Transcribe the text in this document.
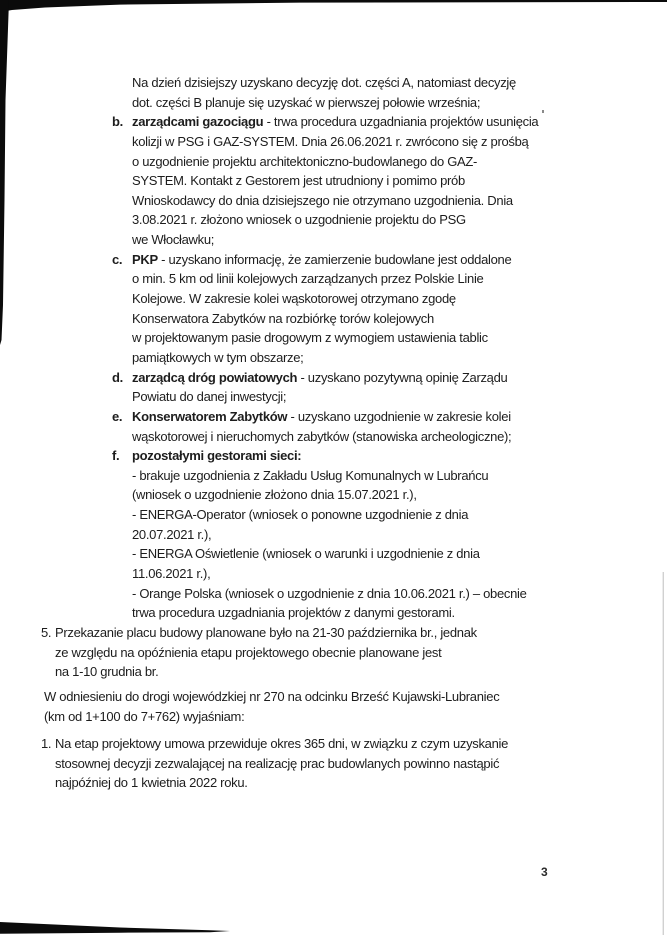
Na dzień dzisiejszy uzyskano decyzję dot. części A, natomiast decyzję
dot. części B planuje się uzyskać w pierwszej połowie września;
b. zarządcami gazociągu - trwa procedura uzgadniania projektów usunięcia
kolizji w PSG i GAZ-SYSTEM. Dnia 26.06.2021 r. zwrócono się z prośbą
o uzgodnienie projektu architektoniczno-budowlanego do GAZ-
SYSTEM. Kontakt z Gestorem jest utrudniony i pomimo prób
Wnioskodawcy do dnia dzisiejszego nie otrzymano uzgodnienia. Dnia
3.08.2021 r. złożono wniosek o uzgodnienie projektu do PSG
we Włocławku;
c. PKP - uzyskano informację, że zamierzenie budowlane jest oddalone
o min. 5 km od linii kolejowych zarządzanych przez Polskie Linie
Kolejowe. W zakresie kolei wąskotorowej otrzymano zgodę
Konserwatora Zabytków na rozbiórkę torów kolejowych
w projektowanym pasie drogowym z wymogiem ustawienia tablic
pamiątkowych w tym obszarze;
d. zarządcą dróg powiatowych - uzyskano pozytywną opinię Zarządu
Powiatu do danej inwestycji;
e. Konserwatorem Zabytków - uzyskano uzgodnienie w zakresie kolei
wąskotorowej i nieruchomych zabytków (stanowiska archeologiczne);
f. pozostałymi gestorami sieci:
- brakuje uzgodnienia z Zakładu Usług Komunalnych w Lubrańcu
(wniosek o uzgodnienie złożono dnia 15.07.2021 r.),
- ENERGA-Operator (wniosek o ponowne uzgodnienie z dnia
20.07.2021 r.),
- ENERGA Oświetlenie (wniosek o warunki i uzgodnienie z dnia
11.06.2021 r.),
- Orange Polska (wniosek o uzgodnienie z dnia 10.06.2021 r.) – obecnie
trwa procedura uzgadniania projektów z danymi gestorami.
5. Przekazanie placu budowy planowane było na 21-30 października br., jednak
ze względu na opóźnienia etapu projektowego obecnie planowane jest
na 1-10 grudnia br.
W odniesieniu do drogi wojewódzkiej nr 270 na odcinku Brześć Kujawski-Lubraniec
(km od 1+100 do 7+762) wyjaśniam:
1. Na etap projektowy umowa przewiduje okres 365 dni, w związku z czym uzyskanie
stosownej decyzji zezwalającej na realizację prac budowlanych powinno nastąpić
najpóźniej do 1 kwietnia 2022 roku.
3
